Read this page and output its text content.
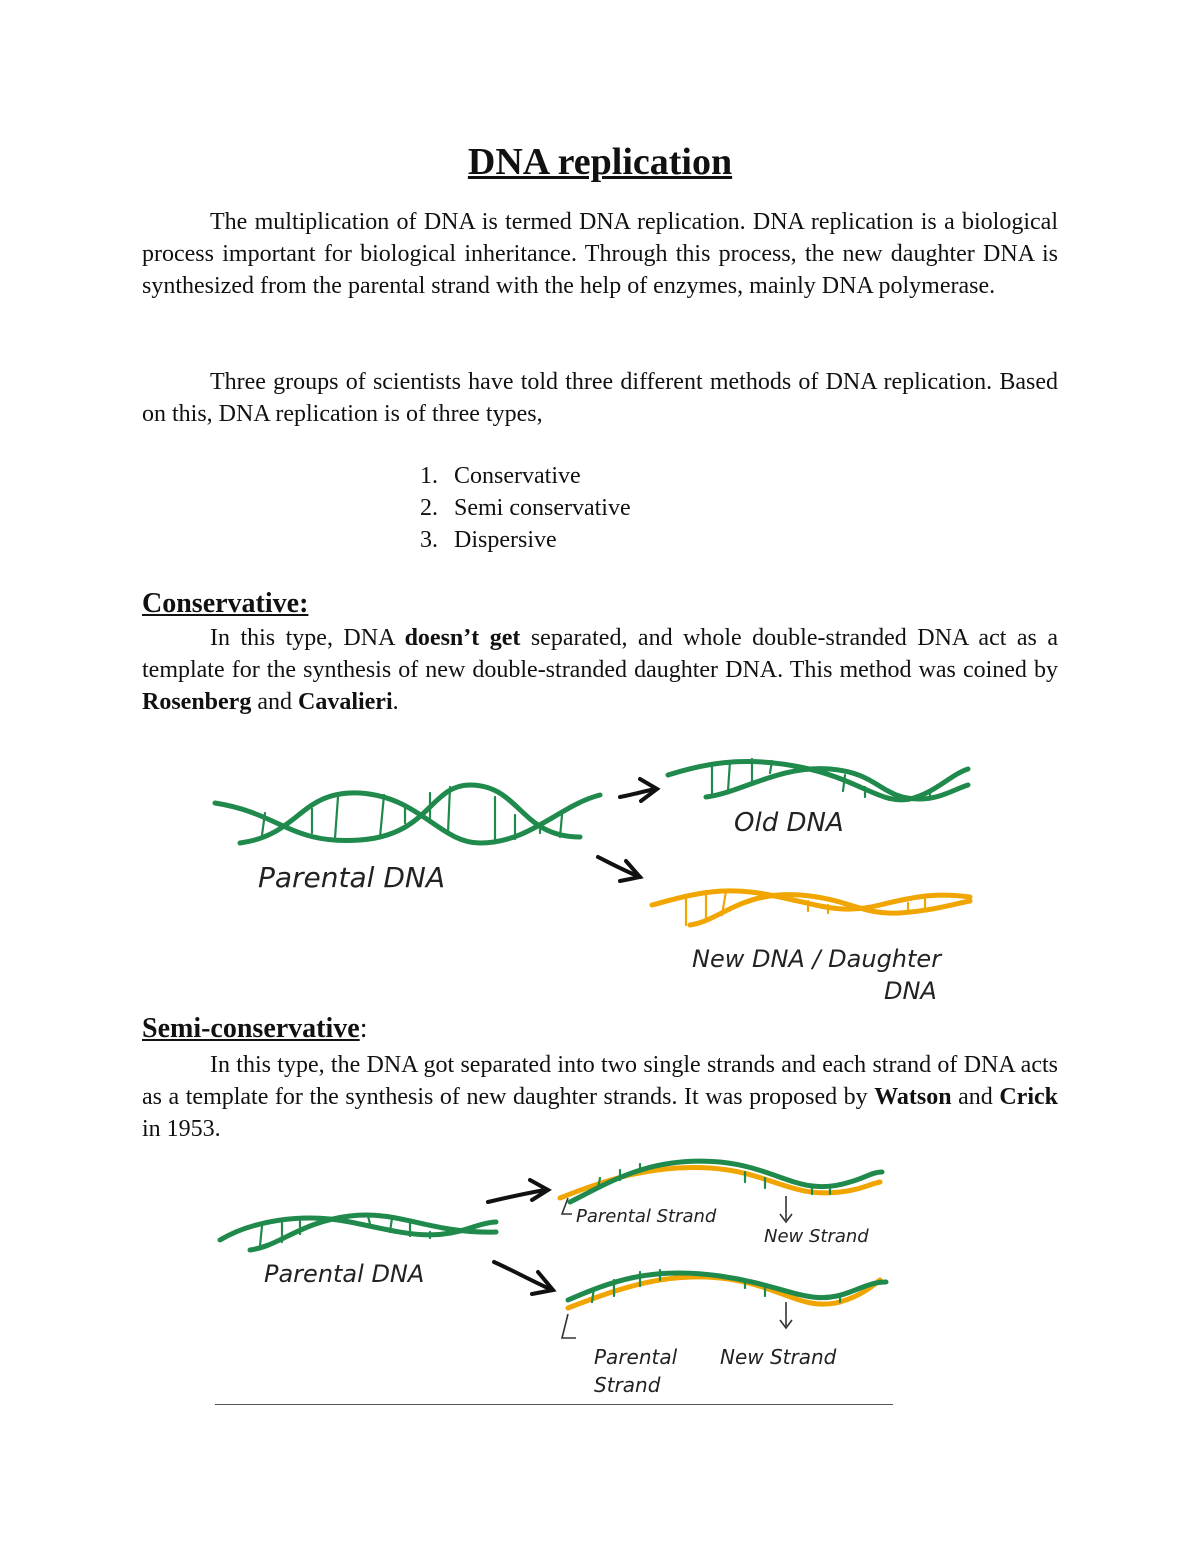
DNA replication

The multiplication of DNA is termed DNA replication. DNA replication is a biological process important for biological inheritance. Through this process, the new daughter DNA is synthesized from the parental strand with the help of enzymes, mainly DNA polymerase.

Three groups of scientists have told three different methods of DNA replication. Based on this, DNA replication is of three types,

1. Conservative
2. Semi conservative
3. Dispersive
Conservative:

In this type, DNA doesn’t get separated, and whole double-stranded DNA act as a template for the synthesis of new double-stranded daughter DNA. This method was coined by Rosenberg and Cavalieri.

Parental DNA
Old DNA
New DNA / Daughter
DNA
Semi-conservative:

In this type, the DNA got separated into two single strands and each strand of DNA acts as a template for the synthesis of new daughter strands. It was proposed by Watson and Crick in 1953.

Parental DNA
Parental Strand
New Strand
Parental
Strand
New Strand
